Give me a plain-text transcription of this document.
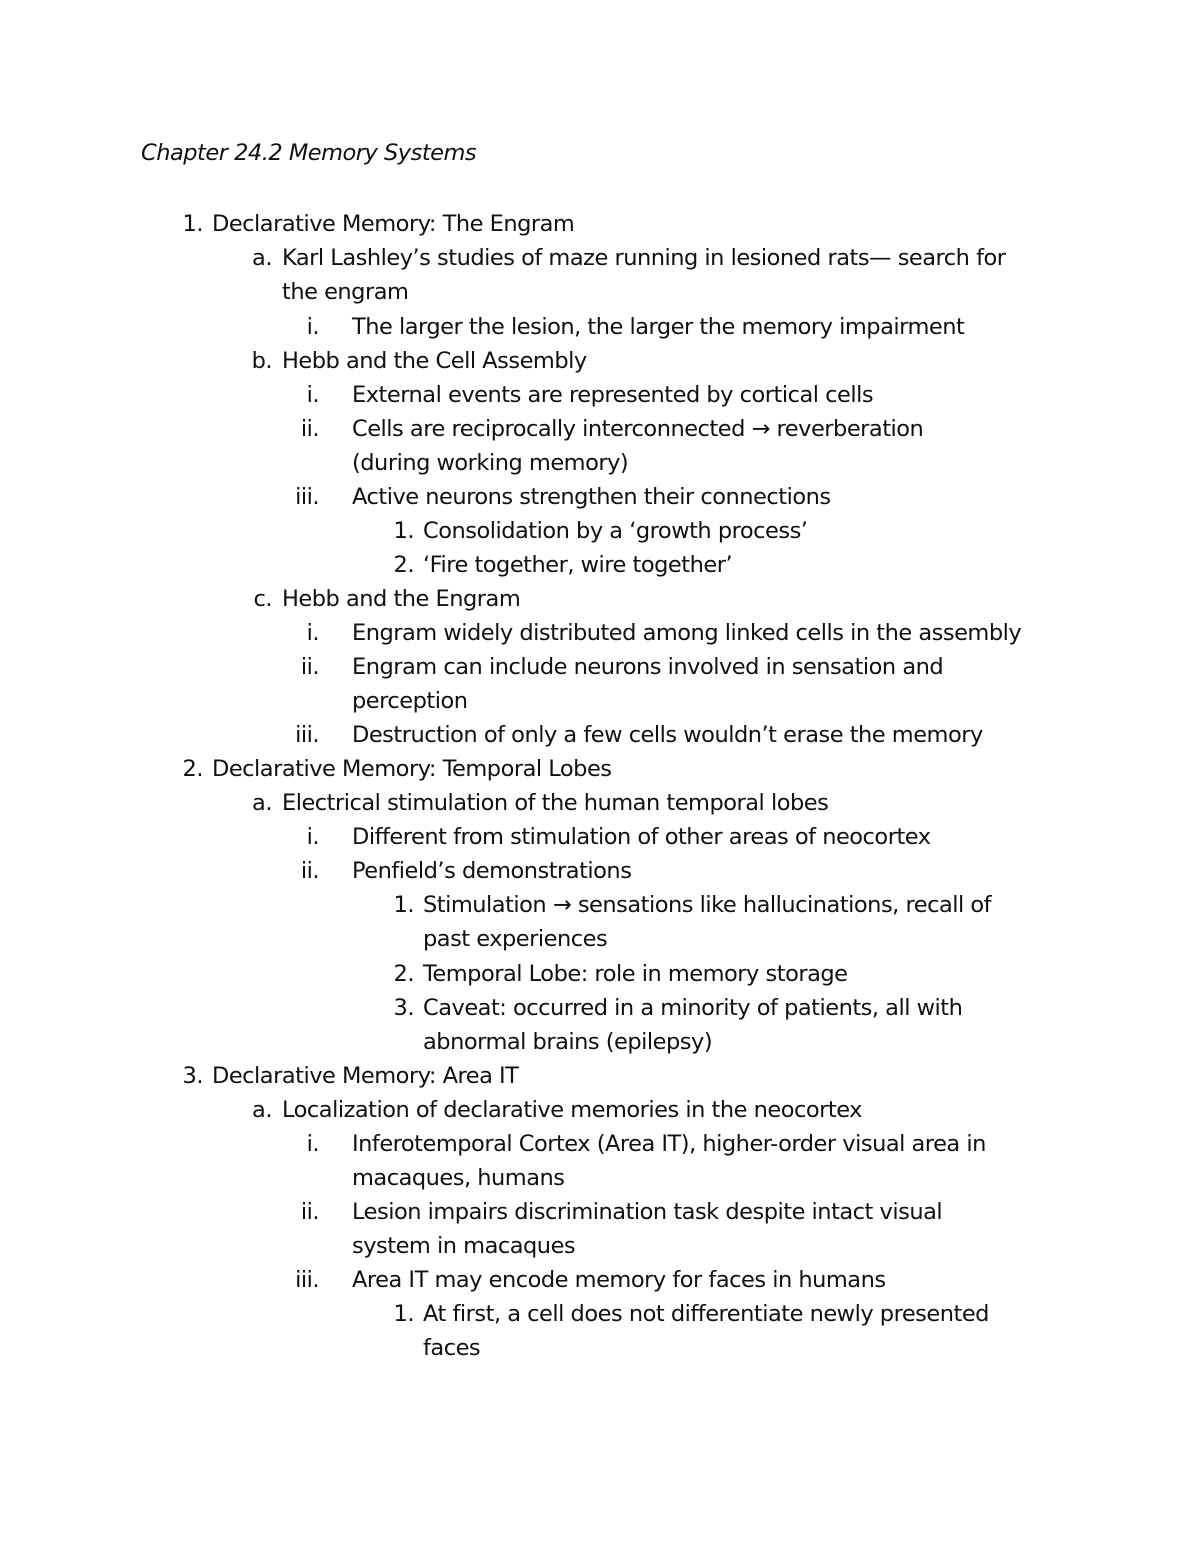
Chapter 24.2 Memory Systems
1. Declarative Memory: The Engram
a. Karl Lashley’s studies of maze running in lesioned rats— search for
the engram
i. The larger the lesion, the larger the memory impairment
b. Hebb and the Cell Assembly
i. External events are represented by cortical cells
ii. Cells are reciprocally interconnected → reverberation
(during working memory)
iii. Active neurons strengthen their connections
1. Consolidation by a ‘growth process’
2. ‘Fire together, wire together’
c. Hebb and the Engram
i. Engram widely distributed among linked cells in the assembly
ii. Engram can include neurons involved in sensation and
perception
iii. Destruction of only a few cells wouldn’t erase the memory
2. Declarative Memory: Temporal Lobes
a. Electrical stimulation of the human temporal lobes
i. Different from stimulation of other areas of neocortex
ii. Penfield’s demonstrations
1. Stimulation → sensations like hallucinations, recall of
past experiences
2. Temporal Lobe: role in memory storage
3. Caveat: occurred in a minority of patients, all with
abnormal brains (epilepsy)
3. Declarative Memory: Area IT
a. Localization of declarative memories in the neocortex
i. Inferotemporal Cortex (Area IT), higher-order visual area in
macaques, humans
ii. Lesion impairs discrimination task despite intact visual
system in macaques
iii. Area IT may encode memory for faces in humans
1. At first, a cell does not differentiate newly presented
faces
